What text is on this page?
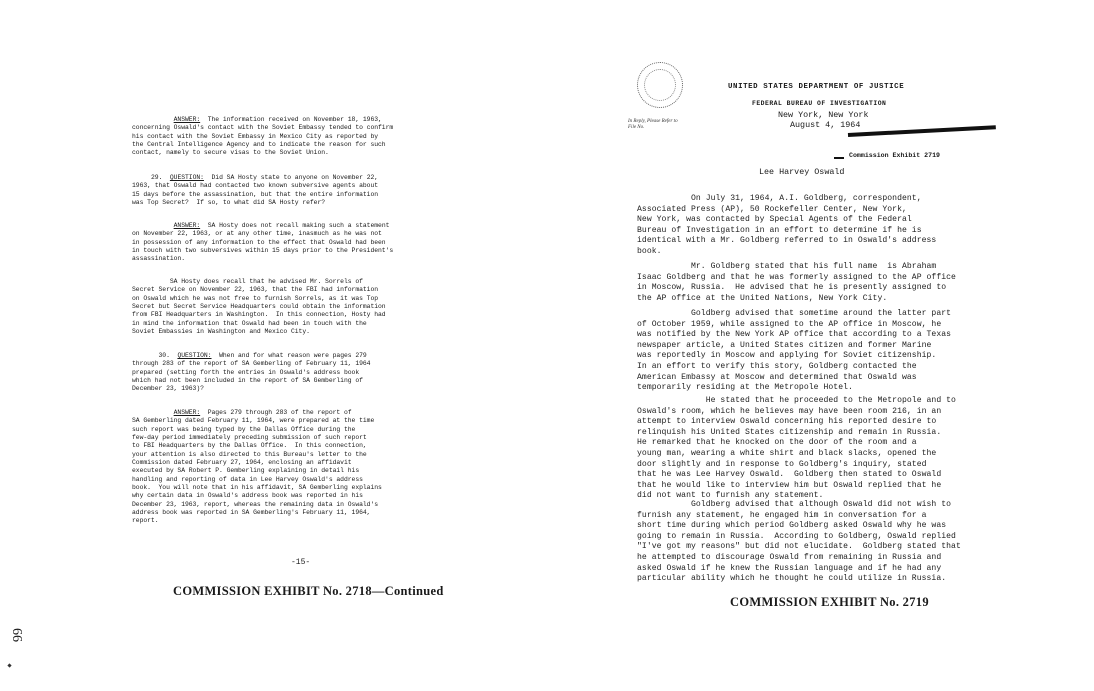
ANSWER:  The information received on November 18, 1963,
concerning Oswald's contact with the Soviet Embassy tended to confirm
his contact with the Soviet Embassy in Mexico City as reported by
the Central Intelligence Agency and to indicate the reason for such
contact, namely to secure visas to the Soviet Union.
29.  QUESTION:  Did SA Hosty state to anyone on November 22,
1963, that Oswald had contacted two known subversive agents about
15 days before the assassination, but that the entire information
was Top Secret?  If so, to what did SA Hosty refer?
ANSWER:  SA Hosty does not recall making such a statement
on November 22, 1963, or at any other time, inasmuch as he was not
in possession of any information to the effect that Oswald had been
in touch with two subversives within 15 days prior to the President's
assassination.
SA Hosty does recall that he advised Mr. Sorrels of
Secret Service on November 22, 1963, that the FBI had information
on Oswald which he was not free to furnish Sorrels, as it was Top
Secret but Secret Service Headquarters could obtain the information
from FBI Headquarters in Washington.  In this connection, Hosty had
in mind the information that Oswald had been in touch with the
Soviet Embassies in Washington and Mexico City.
30.  QUESTION:  When and for what reason were pages 279
through 283 of the report of SA Gemberling of February 11, 1964
prepared (setting forth the entries in Oswald's address book
which had not been included in the report of SA Gemberling of
December 23, 1963)?
ANSWER:  Pages 279 through 283 of the report of
SA Gemberling dated February 11, 1964, were prepared at the time
such report was being typed by the Dallas Office during the
few-day period immediately preceding submission of such report
to FBI Headquarters by the Dallas Office.  In this connection,
your attention is also directed to this Bureau's letter to the
Commission dated February 27, 1964, enclosing an affidavit
executed by SA Robert P. Gemberling explaining in detail his
handling and reporting of data in Lee Harvey Oswald's address
book.  You will note that in his affidavit, SA Gemberling explains
why certain data in Oswald's address book was reported in his
December 23, 1963, report, whereas the remaining data in Oswald's
address book was reported in SA Gemberling's February 11, 1964,
report.
-15-
COMMISSION EXHIBIT No. 2718—Continued
66
UNITED STATES DEPARTMENT OF JUSTICE
FEDERAL BUREAU OF INVESTIGATION
New York, New York
August 4, 1964
In Reply, Please Refer to
File No.
Commission Exhibit 2719
Lee Harvey Oswald
On July 31, 1964, A.I. Goldberg, correspondent,
Associated Press (AP), 50 Rockefeller Center, New York,
New York, was contacted by Special Agents of the Federal
Bureau of Investigation in an effort to determine if he is
identical with a Mr. Goldberg referred to in Oswald's address
book.
Mr. Goldberg stated that his full name  is Abraham
Isaac Goldberg and that he was formerly assigned to the AP office
in Moscow, Russia.  He advised that he is presently assigned to
the AP office at the United Nations, New York City.
Goldberg advised that sometime around the latter part
of October 1959, while assigned to the AP office in Moscow, he
was notified by the New York AP office that according to a Texas
newspaper article, a United States citizen and former Marine
was reportedly in Moscow and applying for Soviet citizenship.
In an effort to verify this story, Goldberg contacted the
American Embassy at Moscow and determined that Oswald was
temporarily residing at the Metropole Hotel.
He stated that he proceeded to the Metropole and to
Oswald's room, which he believes may have been room 216, in an
attempt to interview Oswald concerning his reported desire to
relinquish his United States citizenship and remain in Russia.
He remarked that he knocked on the door of the room and a
young man, wearing a white shirt and black slacks, opened the
door slightly and in response to Goldberg's inquiry, stated
that he was Lee Harvey Oswald.  Goldberg then stated to Oswald
that he would like to interview him but Oswald replied that he
did not want to furnish any statement.
Goldberg advised that although Oswald did not wish to
furnish any statement, he engaged him in conversation for a
short time during which period Goldberg asked Oswald why he was
going to remain in Russia.  According to Goldberg, Oswald replied
"I've got my reasons" but did not elucidate.  Goldberg stated that
he attempted to discourage Oswald from remaining in Russia and
asked Oswald if he knew the Russian language and if he had any
particular ability which he thought he could utilize in Russia.
COMMISSION EXHIBIT No. 2719
